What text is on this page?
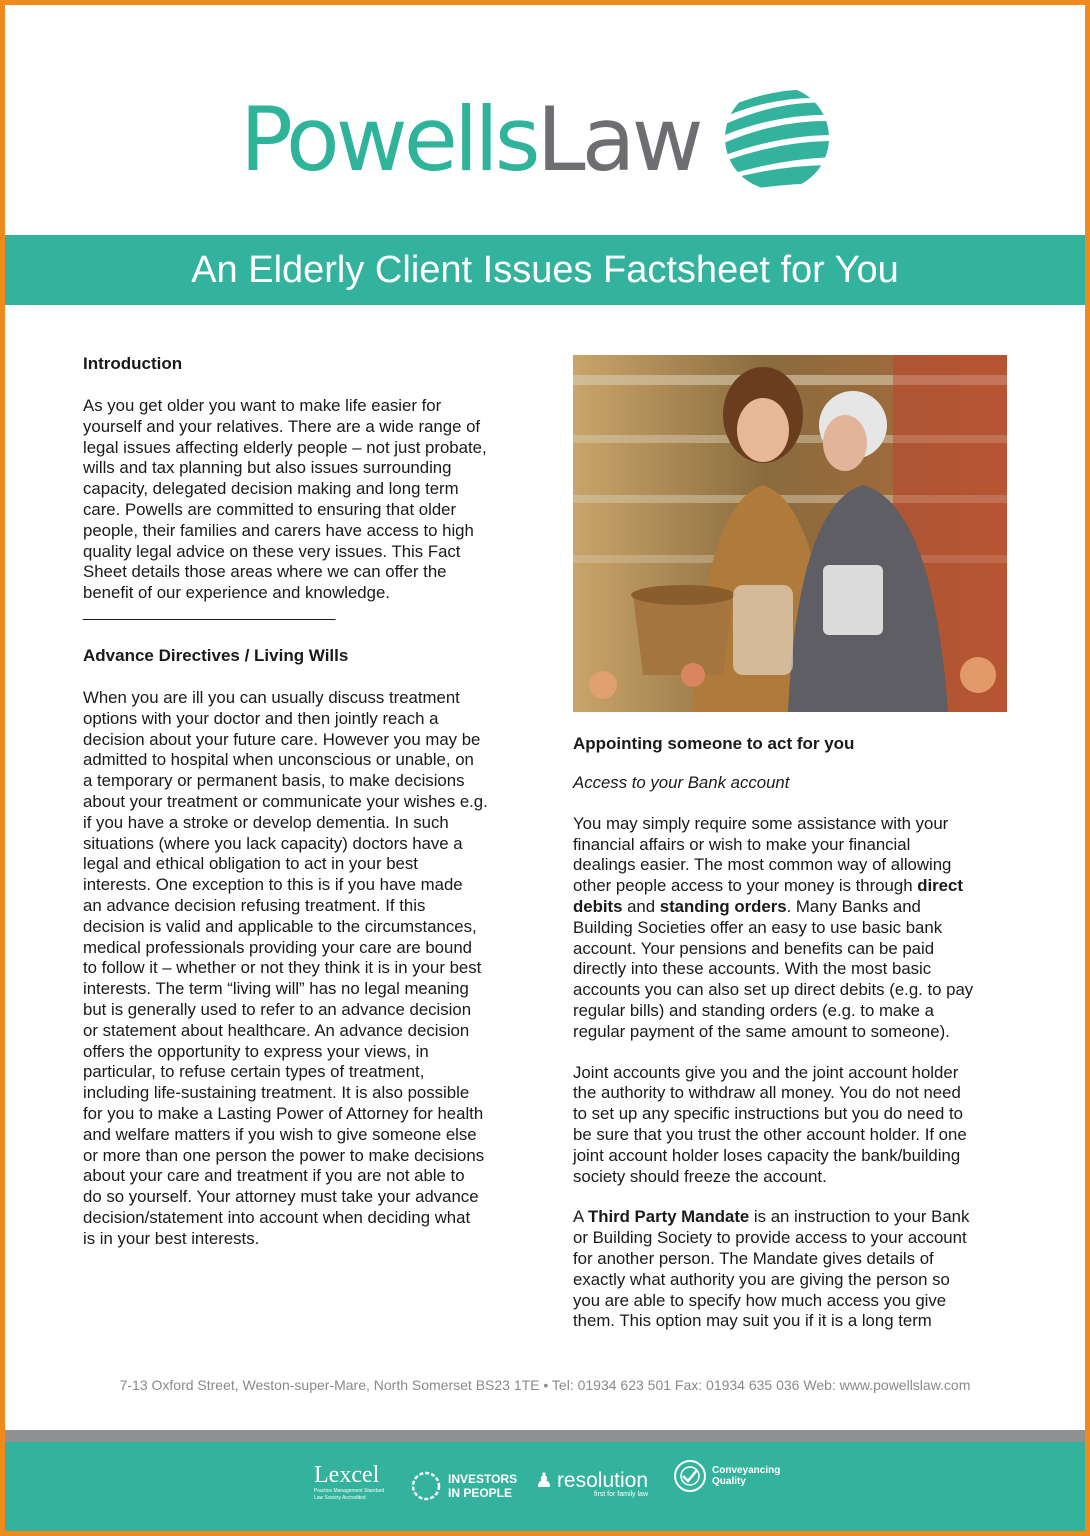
PowellsLaw
An Elderly Client Issues Factsheet for You

Introduction

As you get older you want to make life easier for

yourself and your relatives. There are a wide range of

legal issues affecting elderly people – not just probate,

wills and tax planning but also issues surrounding

capacity, delegated decision making and long term

care. Powells are committed to ensuring that older

people, their families and carers have access to high

quality legal advice on these very issues. This Fact

Sheet details those areas where we can offer the

benefit of our experience and knowledge.

______________________________

Advance Directives / Living Wills

When you are ill you can usually discuss treatment

options with your doctor and then jointly reach a

decision about your future care. However you may be

admitted to hospital when unconscious or unable, on

a temporary or permanent basis, to make decisions

about your treatment or communicate your wishes e.g.

if you have a stroke or develop dementia. In such

situations (where you lack capacity) doctors have a

legal and ethical obligation to act in your best

interests. One exception to this is if you have made

an advance decision refusing treatment. If this

decision is valid and applicable to the circumstances,

medical professionals providing your care are bound

to follow it – whether or not they think it is in your best

interests. The term “living will” has no legal meaning

but is generally used to refer to an advance decision

or statement about healthcare. An advance decision

offers the opportunity to express your views, in

particular, to refuse certain types of treatment,

including life-sustaining treatment. It is also possible

for you to make a Lasting Power of Attorney for health

and welfare matters if you wish to give someone else

or more than one person the power to make decisions

about your care and treatment if you are not able to

do so yourself. Your attorney must take your advance

decision/statement into account when deciding what

is in your best interests.

Appointing someone to act for you

Access to your Bank account

You may simply require some assistance with your

financial affairs or wish to make your financial

dealings easier. The most common way of allowing

other people access to your money is through direct

debits and standing orders. Many Banks and

Building Societies offer an easy to use basic bank

account. Your pensions and benefits can be paid

directly into these accounts. With the most basic

accounts you can also set up direct debits (e.g. to pay

regular bills) and standing orders (e.g. to make a

regular payment of the same amount to someone).

Joint accounts give you and the joint account holder

the authority to withdraw all money. You do not need

to set up any specific instructions but you do need to

be sure that you trust the other account holder. If one

joint account holder loses capacity the bank/building

society should freeze the account.

A Third Party Mandate is an instruction to your Bank

or Building Society to provide access to your account

for another person. The Mandate gives details of

exactly what authority you are giving the person so

you are able to specify how much access you give

them. This option may suit you if it is a long term

7-13 Oxford Street, Weston-super-Mare, North Somerset BS23 1TE • Tel: 01934 623 501 Fax: 01934 635 036 Web: www.powellslaw.com
Lexcel
Practice Management Standard
Law Society Accredited
INVESTORS
IN PEOPLE
♟ resolution
first for family law
Conveyancing
Quality
